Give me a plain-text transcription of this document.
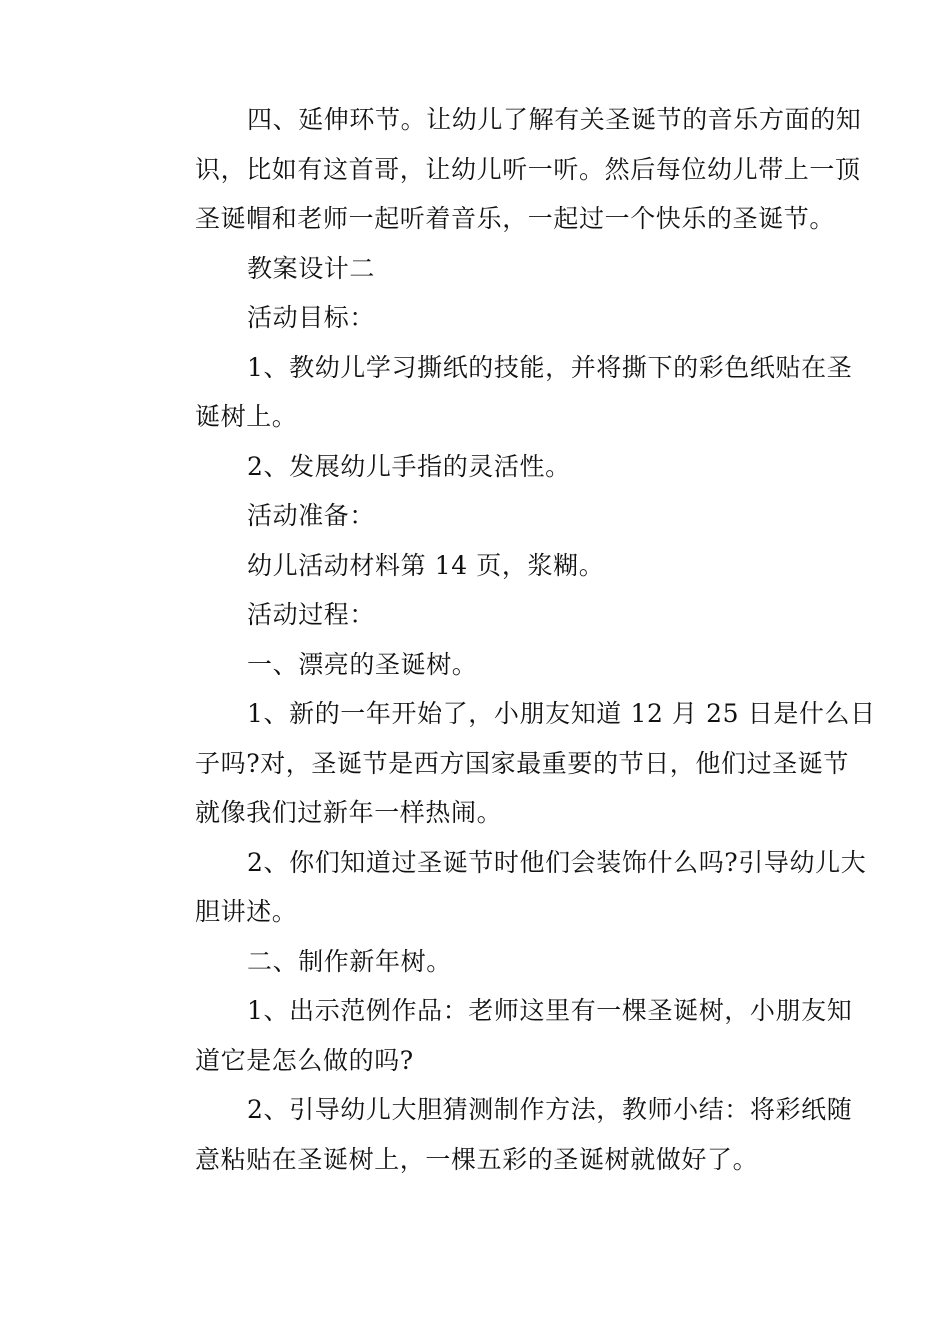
四、延伸环节。让幼儿了解有关圣诞节的音乐方面的知
识，比如有这首哥，让幼儿听一听。然后每位幼儿带上一顶
圣诞帽和老师一起听着音乐，一起过一个快乐的圣诞节。

教案设计二

活动目标：

1、教幼儿学习撕纸的技能，并将撕下的彩色纸贴在圣
诞树上。

2、发展幼儿手指的灵活性。

活动准备：

幼儿活动材料第 14 页，浆糊。

活动过程：

一、漂亮的圣诞树。

1、新的一年开始了，小朋友知道 12 月 25 日是什么日
子吗?对，圣诞节是西方国家最重要的节日，他们过圣诞节
就像我们过新年一样热闹。

2、你们知道过圣诞节时他们会装饰什么吗?引导幼儿大
胆讲述。

二、制作新年树。

1、出示范例作品：老师这里有一棵圣诞树，小朋友知
道它是怎么做的吗?

2、引导幼儿大胆猜测制作方法，教师小结：将彩纸随
意粘贴在圣诞树上，一棵五彩的圣诞树就做好了。
